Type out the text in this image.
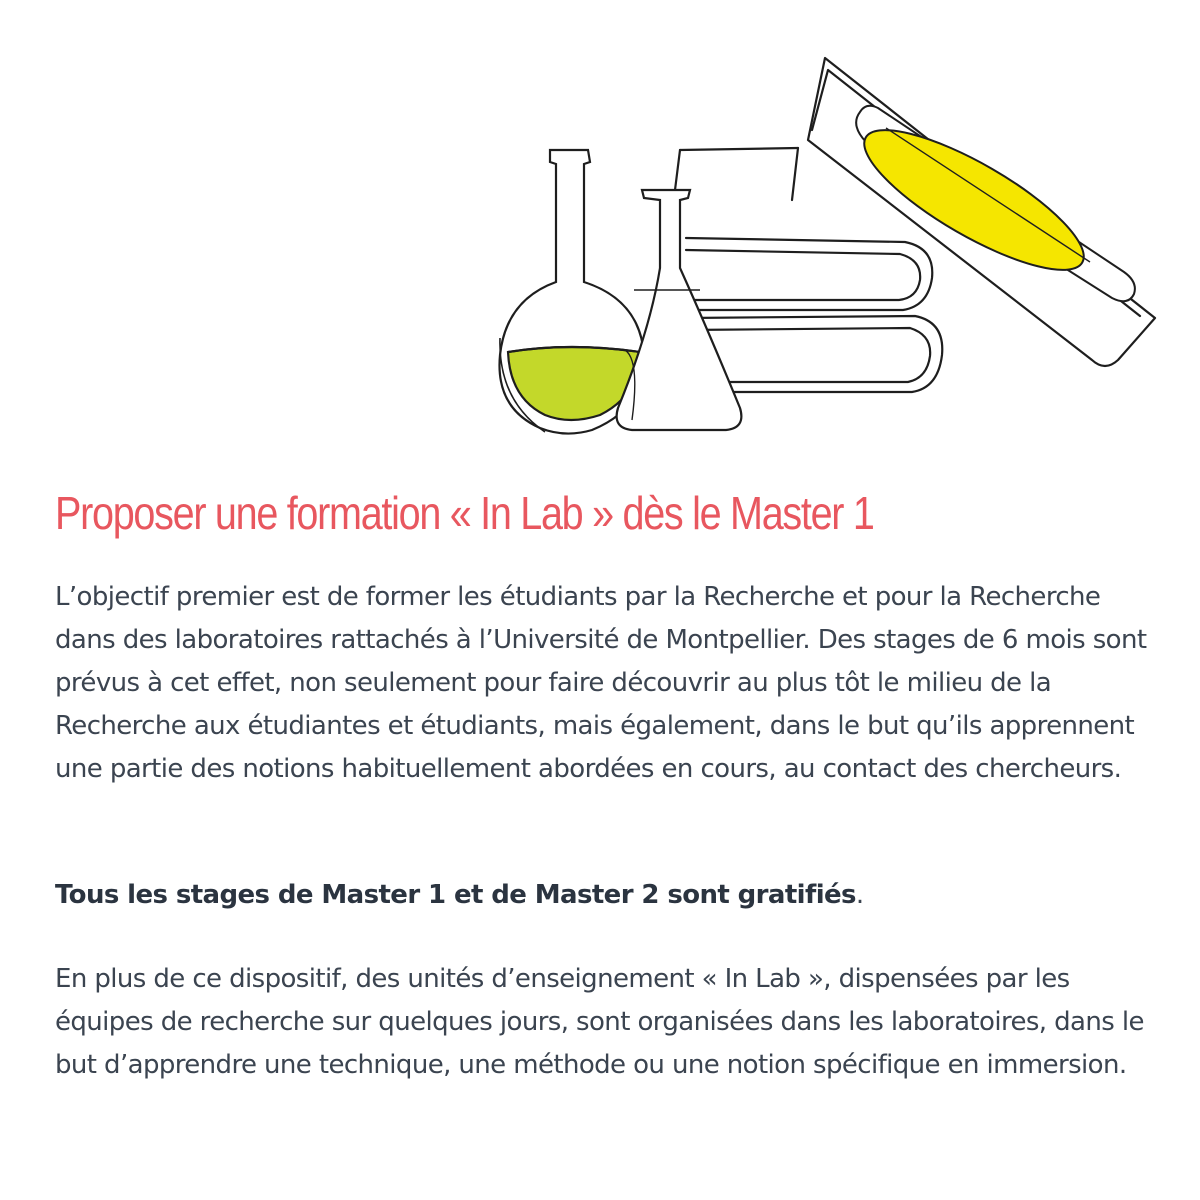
Proposer une formation « In Lab » dès le Master 1

L’objectif premier est de former les étudiants par la Recherche et pour la Recherche dans des laboratoires rattachés à l’Université de Montpellier. Des stages de 6 mois sont prévus à cet effet, non seulement pour faire découvrir au plus tôt le milieu de la Recherche aux étudiantes et étudiants, mais également, dans le but qu’ils apprennent une partie des notions habituellement abordées en cours, au contact des chercheurs.

Tous les stages de Master 1 et de Master 2 sont gratifiés.

En plus de ce dispositif, des unités d’enseignement « In Lab », dispensées par les équipes de recherche sur quelques jours, sont organisées dans les laboratoires, dans le but d’apprendre une technique, une méthode ou une notion spécifique en immersion.
